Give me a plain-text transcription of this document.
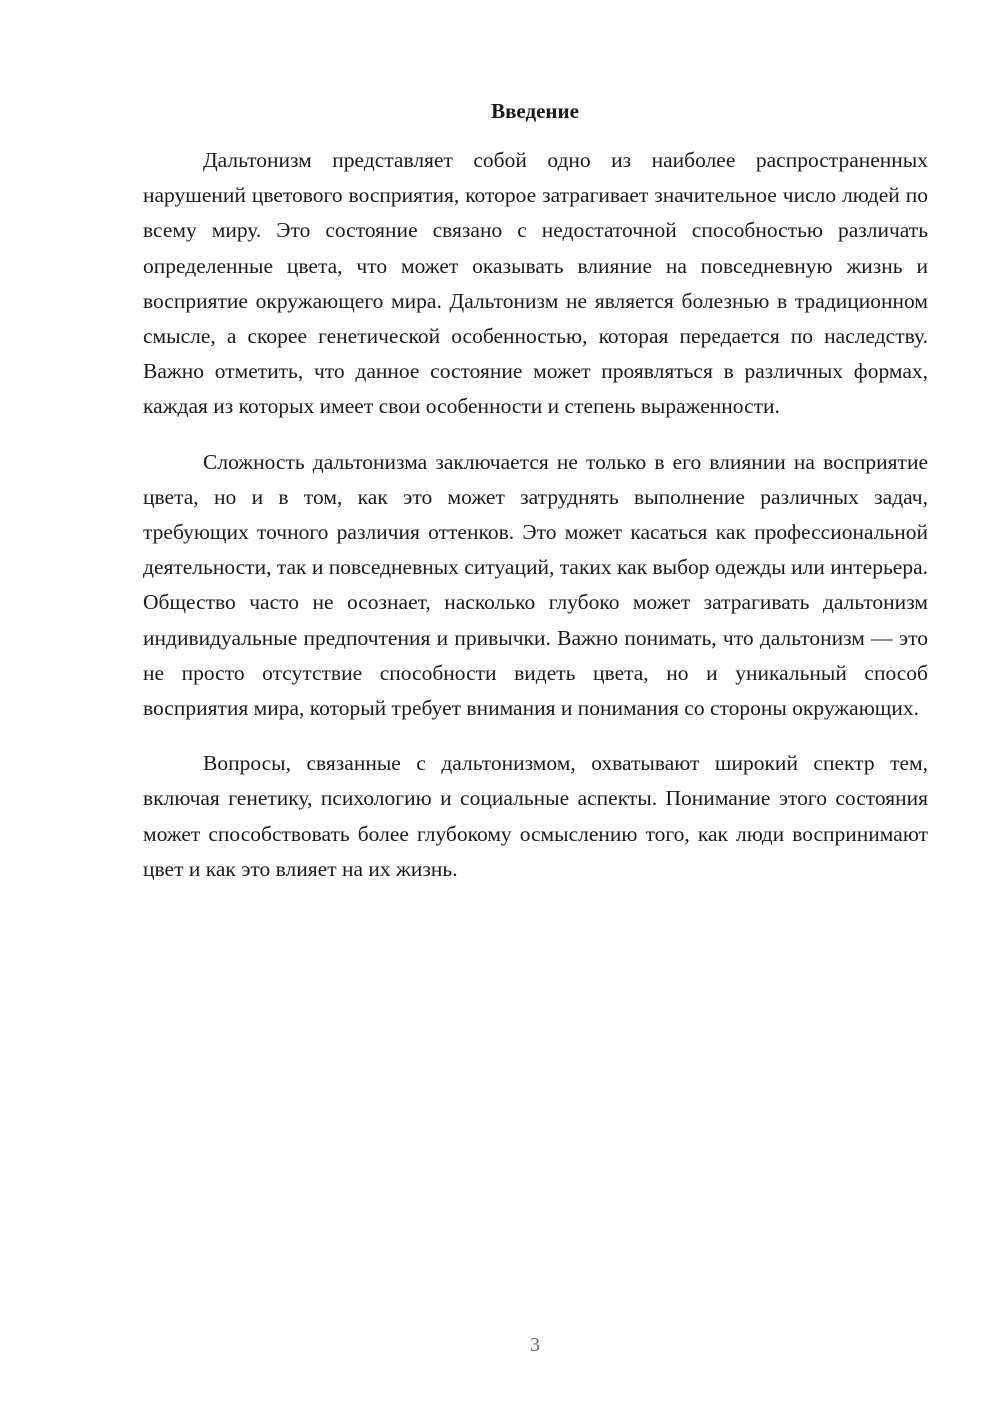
Введение

Дальтонизм представляет собой одно из наиболее распространенных нарушений цветового восприятия, которое затрагивает значительное число людей по всему миру. Это состояние связано с недостаточной способностью различать определенные цвета, что может оказывать влияние на повседневную жизнь и восприятие окружающего мира. Дальтонизм не является болезнью в традиционном смысле, а скорее генетической особенностью, которая передается по наследству. Важно отметить, что данное состояние может проявляться в различных формах, каждая из которых имеет свои особенности и степень выраженности.

Сложность дальтонизма заключается не только в его влиянии на восприятие цвета, но и в том, как это может затруднять выполнение различных задач, требующих точного различия оттенков. Это может касаться как профессиональной деятельности, так и повседневных ситуаций, таких как выбор одежды или интерьера. Общество часто не осознает, насколько глубоко может затрагивать дальтонизм индивидуальные предпочтения и привычки. Важно понимать, что дальтонизм — это не просто отсутствие способности видеть цвета, но и уникальный способ восприятия мира, который требует внимания и понимания со стороны окружающих.

Вопросы, связанные с дальтонизмом, охватывают широкий спектр тем, включая генетику, психологию и социальные аспекты. Понимание этого состояния может способствовать более глубокому осмыслению того, как люди воспринимают цвет и как это влияет на их жизнь.

3
